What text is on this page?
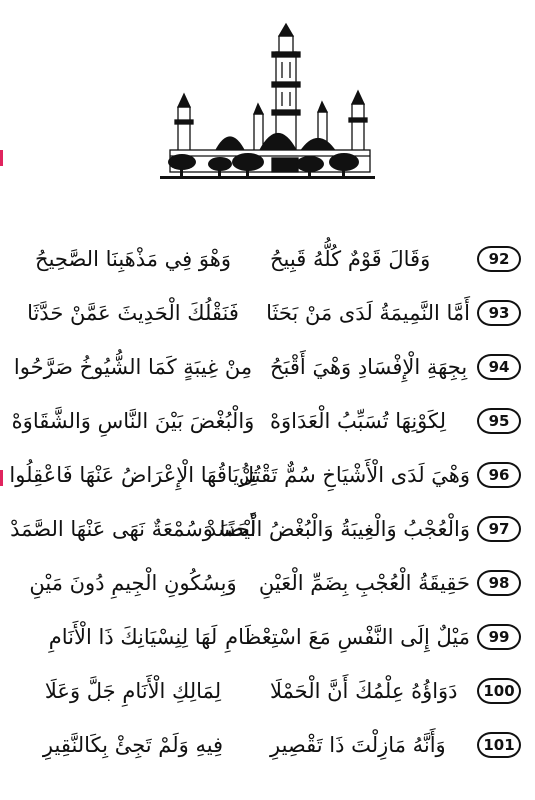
92
وَقَالَ قَوْمٌ كُلُّهُ قَبِيحُ
وَهْوَ فِي مَذْهَبِنَا الصَّحِيحُ
93
أَمَّا النَّمِيمَةُ لَدَى مَنْ بَحَثَا
فَنَقْلُكَ الْحَدِيثَ عَمَّنْ حَدَّثَا
94
بِجِهَةِ الْإِفْسَادِ وَهْيَ أَقْبَحُ
مِنْ غِيبَةٍ كَمَا الشُّيُوخُ صَرَّحُوا
95
لِكَوْنِهَا تُسَبِّبُ الْعَدَاوَهْ
وَالْبُغْضَ بَيْنَ النَّاسِ وَالشَّقَاوَهْ
96
وَهْيَ لَدَى الْأَشْيَاخِ سُمٌّ تَقْتُلُ
تِرْيَاقُهَا الْإِعْرَاضُ عَنْهَا فَاعْقِلُوا
97
وَالْعُجْبُ وَالْغِيبَةُ وَالْبُغْضُ الْحَسَدْ
أَيْضًا وَسُمْعَةٌ نَهَى عَنْهَا الصَّمَدْ
98
حَقِيقَةُ الْعُجْبِ بِضَمِّ الْعَيْنِ
وَبِسُكُونِ الْجِيمِ دُونَ مَيْنِ
99
مَيْلٌ إِلَى النَّفْسِ مَعَ اسْتِعْظَامِ
لَهَا لِنِسْيَانِكَ ذَا الْأَنَامِ
100
دَوَاؤُهُ عِلْمُكَ أَنَّ الْحَمْلَا
لِمَالِكِ الْأَنَامِ جَلَّ وَعَلَا
101
وَأَنَّهُ مَازِلْتَ ذَا تَقْصِيرِ
فِيهِ وَلَمْ تَجِئْ بِكَالنَّقِيرِ
